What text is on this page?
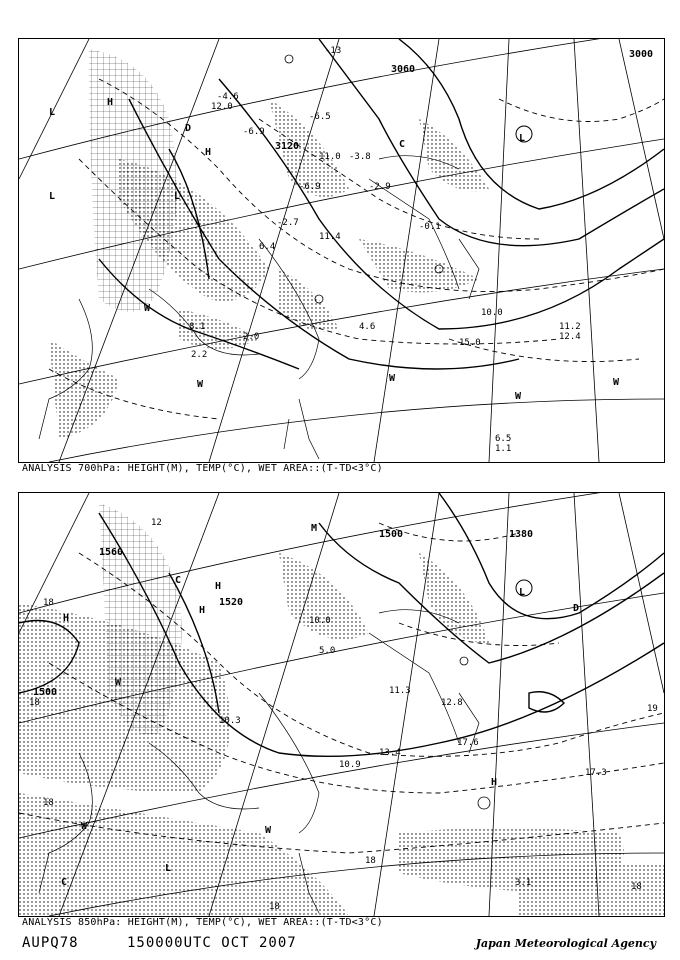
3120
3060
3000
L
L
L
H
H
L
W
W
W
W
W
C
D
-13
-4.6
-6.9
-6.5
-3.8
-2.9
-6.9
-2.7
11.4
-0.1
11.0
12.0
6.4
8.1
2.0
4.6
2.2
6.5
1.1
10.0
15.0
11.2
12.4
ANALYSIS 700hPa: HEIGHT(M), TEMP(°C), WET AREA::(T-TD<3°C)
1560
1500	1380
1520
1500
M
H
H
H
W
W	W
L
C
C
H
L
D
12
18
18
18
18
18
19
18
10.0
5.0
11.3
12.8
17.6
10.3
10.9
17.3
13.4
3.1
ANALYSIS 850hPa: HEIGHT(M), TEMP(°C), WET AREA::(T-TD<3°C)
AUPQ78	150000UTC OCT 2007	Japan Meteorological Agency
